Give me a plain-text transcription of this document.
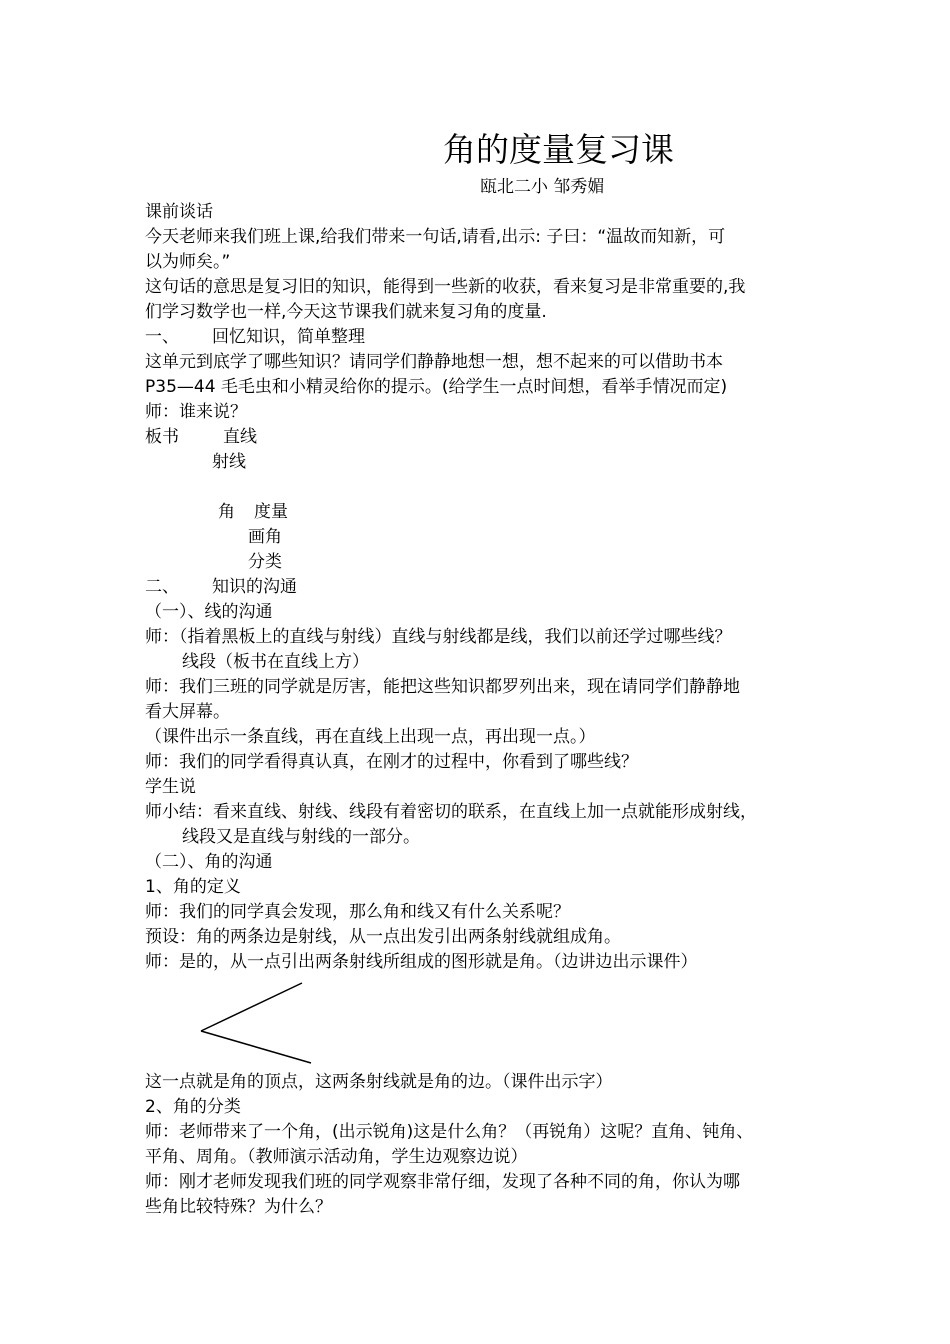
角的度量复习课
瓯北二小 邹秀媚
课前谈话
今天老师来我们班上课,给我们带来一句话,请看,出示: 子曰：“温故而知新，可
以为师矣。”
这句话的意思是复习旧的知识，能得到一些新的收获，看来复习是非常重要的,我
们学习数学也一样,今天这节课我们就来复习角的度量.
一、 回忆知识，简单整理
这单元到底学了哪些知识？请同学们静静地想一想，想不起来的可以借助书本
P35—44 毛毛虫和小精灵给你的提示。(给学生一点时间想，看举手情况而定)
师：谁来说？
板书	直线
射线
角 度量
画角
分类
二、 知识的沟通
（一）、线的沟通
师：（指着黑板上的直线与射线）直线与射线都是线，我们以前还学过哪些线？
线段（板书在直线上方）
师：我们三班的同学就是厉害，能把这些知识都罗列出来，现在请同学们静静地
看大屏幕。
（课件出示一条直线，再在直线上出现一点，再出现一点。）
师：我们的同学看得真认真，在刚才的过程中，你看到了哪些线？
学生说
师小结：看来直线、射线、线段有着密切的联系，在直线上加一点就能形成射线，
线段又是直线与射线的一部分。
（二）、角的沟通
1、角的定义
师：我们的同学真会发现，那么角和线又有什么关系呢？
预设：角的两条边是射线，从一点出发引出两条射线就组成角。
师：是的，从一点引出两条射线所组成的图形就是角。（边讲边出示课件）
这一点就是角的顶点，这两条射线就是角的边。（课件出示字）
2、角的分类
师：老师带来了一个角，(出示锐角)这是什么角？（再锐角）这呢？直角、钝角、
平角、周角。（教师演示活动角，学生边观察边说）
师：刚才老师发现我们班的同学观察非常仔细，发现了各种不同的角，你认为哪
些角比较特殊？为什么？
